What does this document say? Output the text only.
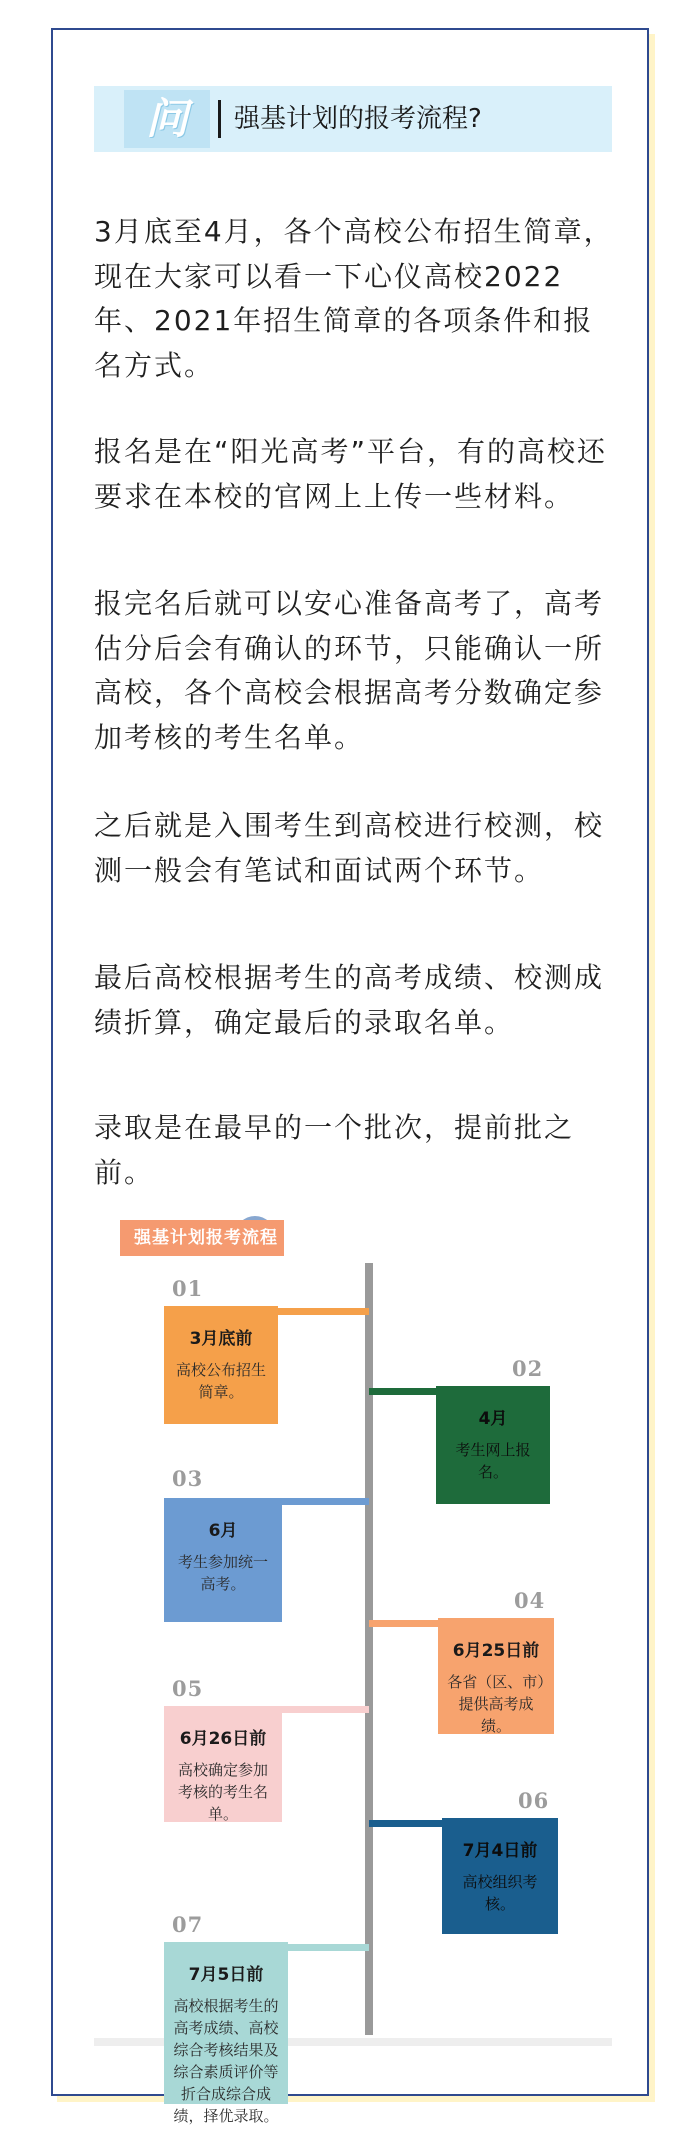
问	强基计划的报考流程?

3月底至4月，各个高校公布招生简章，现在大家可以看一下心仪高校2022年、2021年招生简章的各项条件和报名方式。

报名是在“阳光高考”平台，有的高校还要求在本校的官网上上传一些材料。

报完名后就可以安心准备高考了，高考估分后会有确认的环节，只能确认一所高校，各个高校会根据高考分数确定参加考核的考生名单。

之后就是入围考生到高校进行校测，校测一般会有笔试和面试两个环节。

最后高校根据考生的高考成绩、校测成绩折算，确定最后的录取名单。

录取是在最早的一个批次，提前批之前。

强基计划报考流程
01
3月底前
高校公布招生简章。
02
4月
考生网上报名。
03
6月
考生参加统一高考。
04
6月25日前
各省（区、市）提供高考成绩。
05
6月26日前
高校确定参加考核的考生名单。
06
7月4日前
高校组织考核。
07
7月5日前
高校根据考生的高考成绩、高校综合考核结果及综合素质评价等折合成综合成绩，择优录取。
